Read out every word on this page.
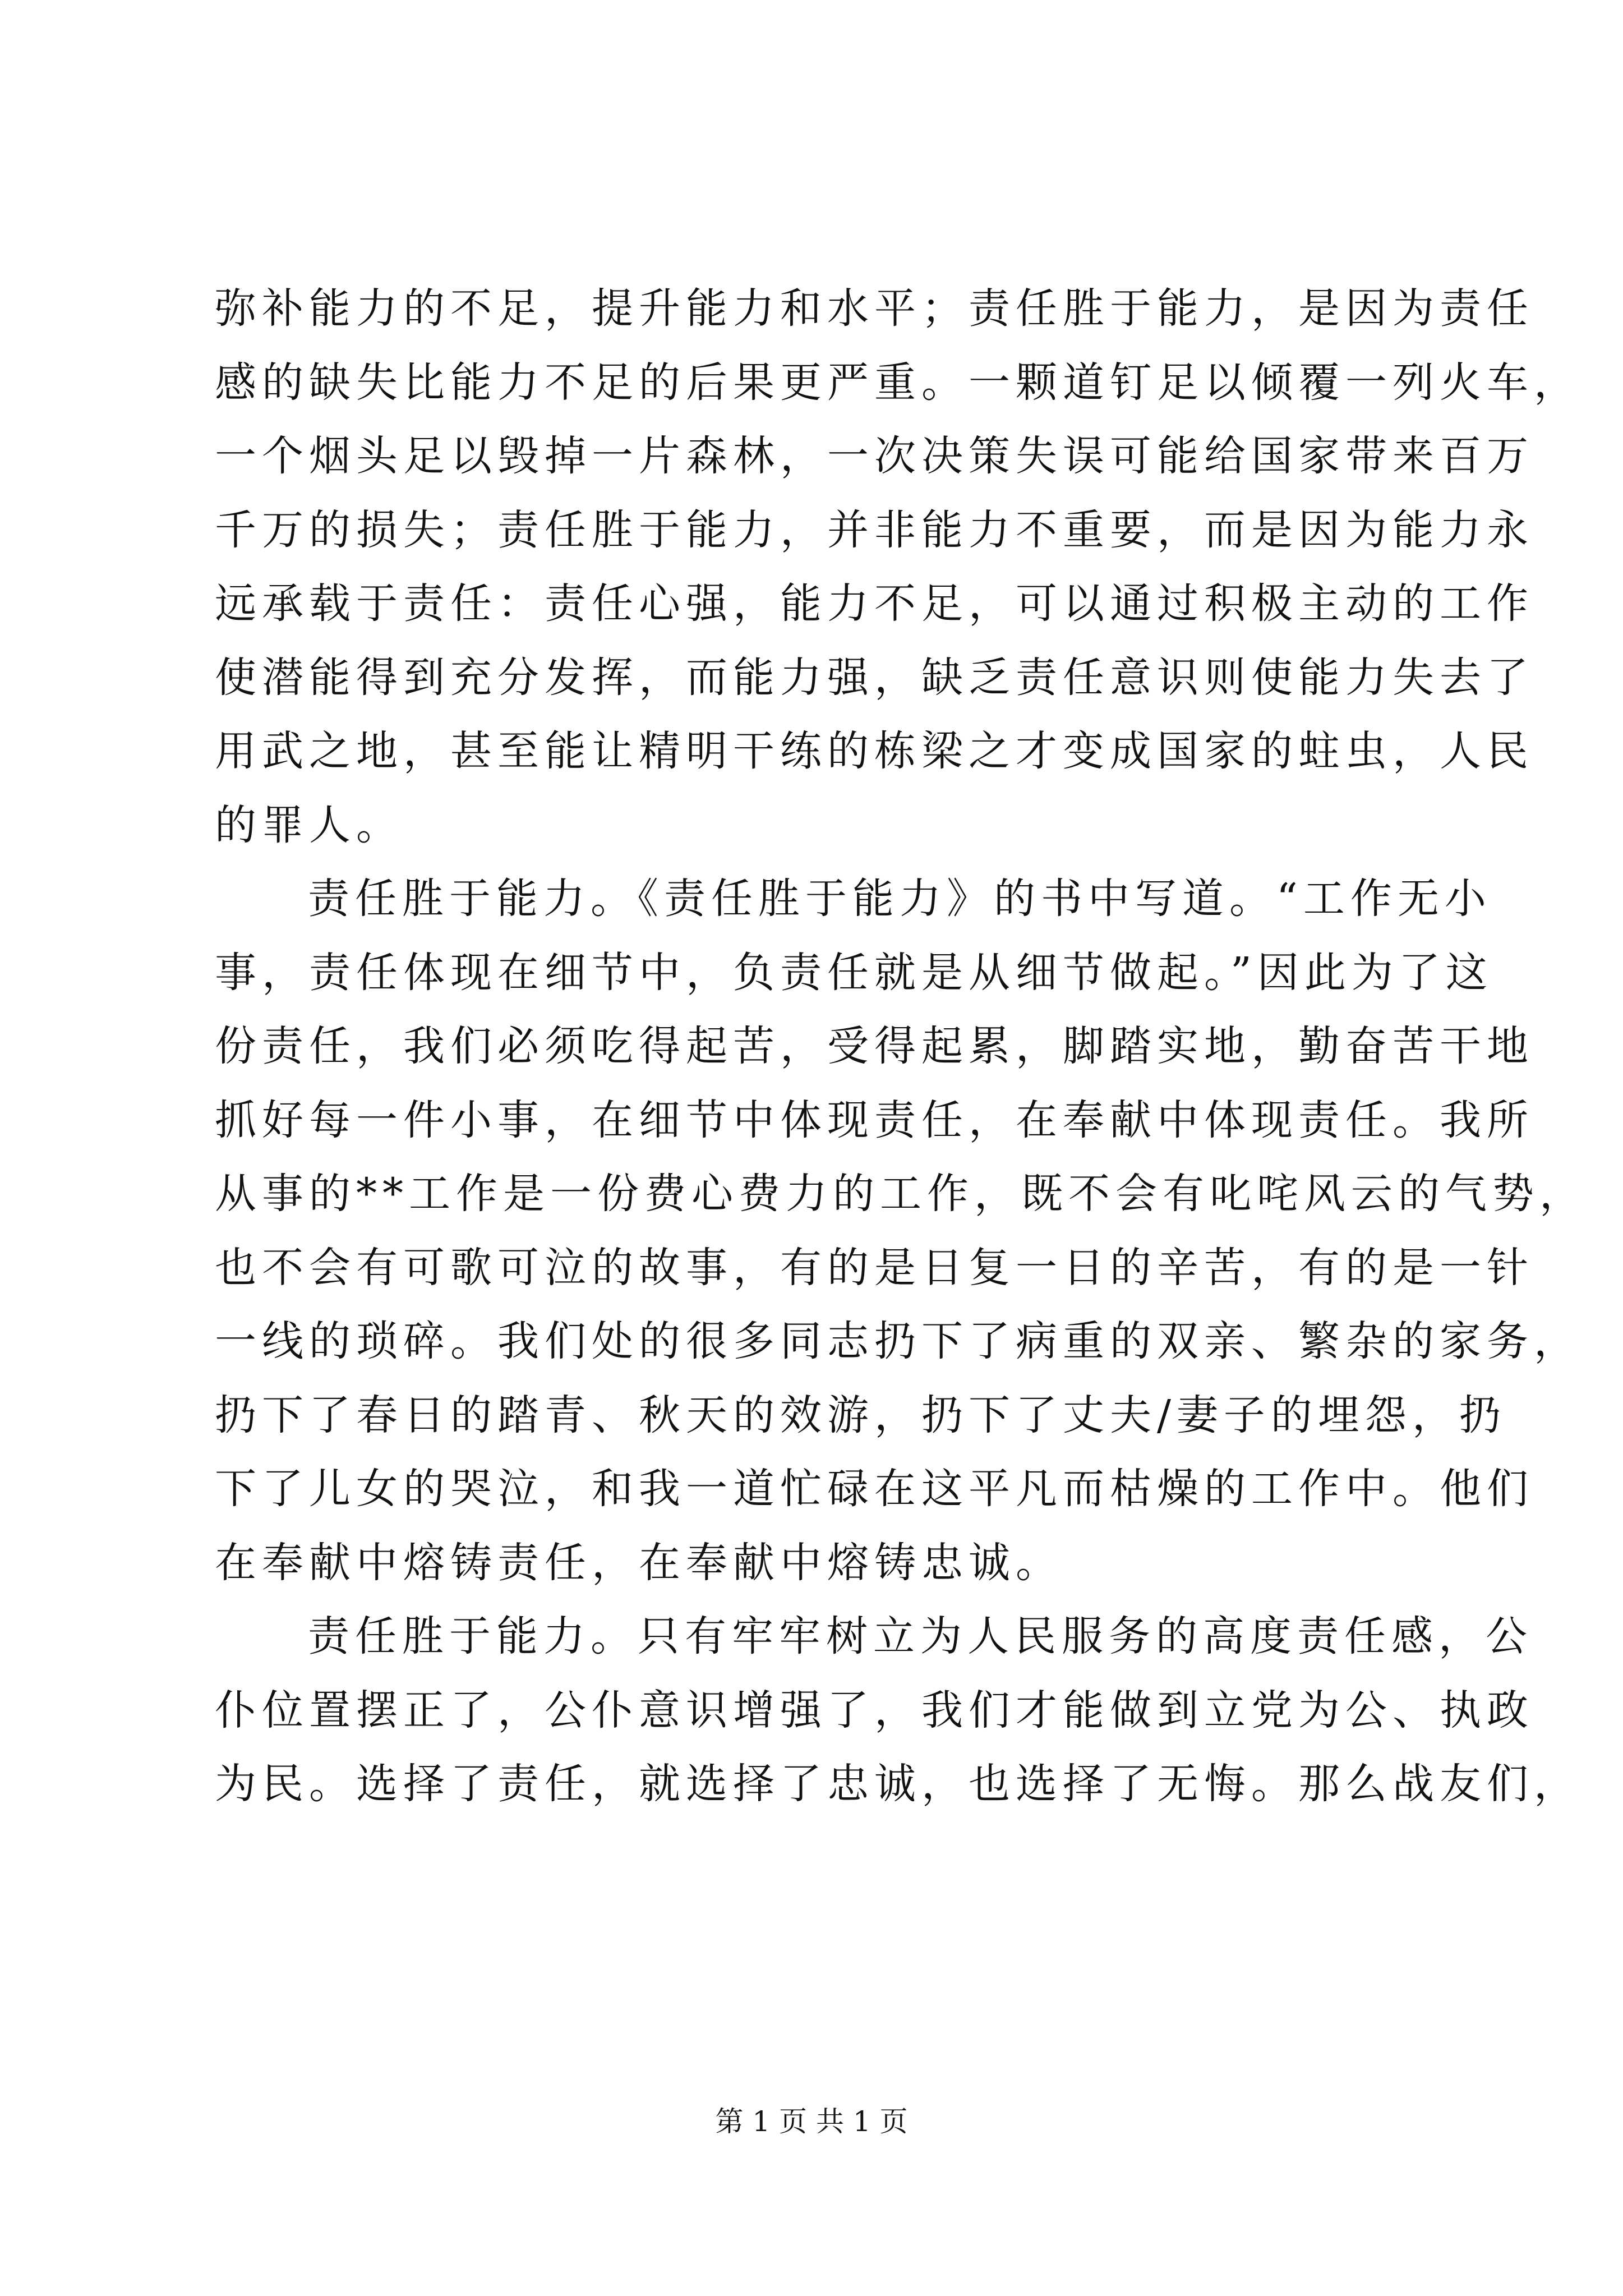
弥补能力的不足，提升能力和水平；责任胜于能力，是因为责任
感的缺失比能力不足的后果更严重。一颗道钉足以倾覆一列火车，
一个烟头足以毁掉一片森林，一次决策失误可能给国家带来百万
千万的损失；责任胜于能力，并非能力不重要，而是因为能力永
远承载于责任：责任心强，能力不足，可以通过积极主动的工作
使潜能得到充分发挥，而能力强，缺乏责任意识则使能力失去了
用武之地，甚至能让精明干练的栋梁之才变成国家的蛀虫，人民
的罪人。
责任胜于能力。《责任胜于能力》的书中写道。“工作无小
事，责任体现在细节中，负责任就是从细节做起。”因此为了这
份责任，我们必须吃得起苦，受得起累，脚踏实地，勤奋苦干地
抓好每一件小事，在细节中体现责任，在奉献中体现责任。我所
从事的**工作是一份费心费力的工作，既不会有叱咤风云的气势，
也不会有可歌可泣的故事，有的是日复一日的辛苦，有的是一针
一线的琐碎。我们处的很多同志扔下了病重的双亲、繁杂的家务，
扔下了春日的踏青、秋天的效游，扔下了丈夫/妻子的埋怨，扔
下了儿女的哭泣，和我一道忙碌在这平凡而枯燥的工作中。他们
在奉献中熔铸责任，在奉献中熔铸忠诚。
责任胜于能力。只有牢牢树立为人民服务的高度责任感，公
仆位置摆正了，公仆意识增强了，我们才能做到立党为公、执政
为民。选择了责任，就选择了忠诚，也选择了无悔。那么战友们，
第 1 页 共 1 页
